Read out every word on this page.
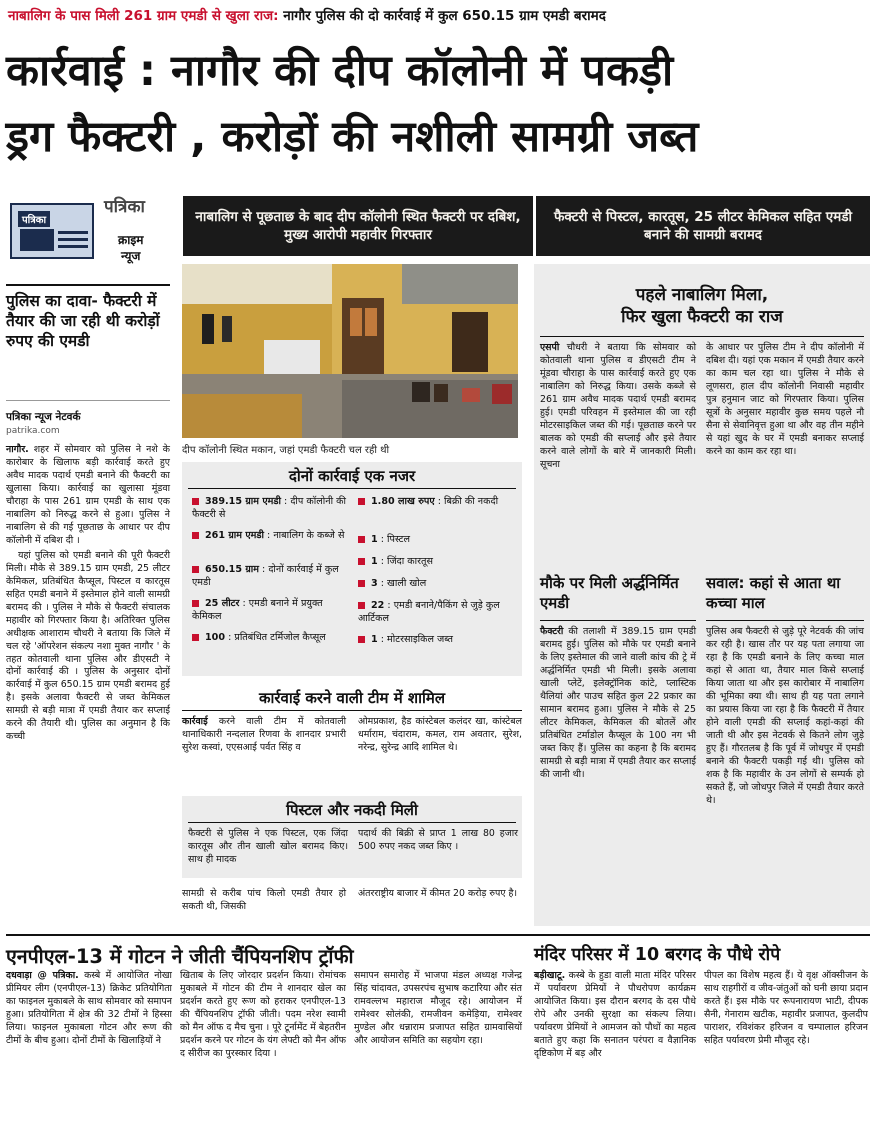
नाबालिग के पास मिली 261 ग्राम एमडी से खुला राज: नागौर पुलिस की दो कार्रवाई में कुल 650.15 ग्राम एमडी बरामद
कार्रवाई : नागौर की दीप कॉलोनी में पकड़ी
ड्रग फैक्टरी , करोड़ों की नशीली सामग्री जब्त
पत्रिका
पत्रिका
क्राइम
न्यूज
नाबालिग से पूछताछ के बाद दीप कॉलोनी स्थित फैक्टरी पर दबिश, मुख्य आरोपी महावीर गिरफ्तार
फैक्टरी से पिस्टल, कारतूस, 25 लीटर केमिकल सहित एमडी बनाने की सामग्री बरामद
पुलिस का दावा- फैक्टरी में तैयार की जा रही थी करोड़ों रुपए की एमडी
पत्रिका न्यूज नेटवर्क
patrika.com
नागौर. शहर में सोमवार को पुलिस ने नशे के कारोबार के खिलाफ बड़ी कार्रवाई करते हुए अवैध मादक पदार्थ एमडी बनाने की फैक्टरी का खुलासा किया। कार्रवाई का खुलासा मूंडवा चौराहा के पास 261 ग्राम एमडी के साथ एक नाबालिग को निरुद्ध करने से हुआ। पुलिस ने नाबालिग से की गई पूछताछ के आधार पर दीप कॉलोनी में दबिश दी ।
यहां पुलिस को एमडी बनाने की पूरी फैक्टरी मिली। मौके से 389.15 ग्राम एमडी, 25 लीटर केमिकल, प्रतिबंधित कैप्सूल, पिस्टल व कारतूस सहित एमडी बनाने में इस्तेमाल होने वाली सामग्री बरामद की । पुलिस ने मौके से फैक्टरी संचालक महावीर को गिरफ्तार किया है। अतिरिक्त पुलिस अधीक्षक आशाराम चौधरी ने बताया कि जिले में चल रहे 'ऑपरेशन संकल्प नशा मुक्त नागौर ' के तहत कोतवाली थाना पुलिस और डीएसटी ने दोनों कार्रवाई की । पुलिस के अनुसार दोनों कार्रवाई में कुल 650.15 ग्राम एमडी बरामद हुई है। इसके अलावा फैक्टरी से जब्त केमिकल सामग्री से बड़ी मात्रा में एमडी तैयार कर सप्लाई करने की तैयारी थी। पुलिस का अनुमान है कि कच्ची
दीप कॉलोनी स्थित मकान, जहां एमडी फैक्टरी चल रही थी
दोनों कार्रवाई एक नजर
389.15 ग्राम एमडी : दीप कॉलोनी की फैक्टरी से
261 ग्राम एमडी : नाबालिग के कब्जे से
650.15 ग्राम : दोनों कार्रवाई में कुल एमडी
25 लीटर : एमडी बनाने में प्रयुक्त केमिकल
100 : प्रतिबंधित टर्मिजोल कैप्सूल
1.80 लाख रुपए : बिक्री की नकदी
1 : पिस्टल
1 : जिंदा कारतूस
3 : खाली खोल
22 : एमडी बनाने/पैकिंग से जुड़े कुल आर्टिकल
1 : मोटरसाइकिल जब्त
कार्रवाई करने वाली टीम में शामिल
कार्रवाई करने वाली टीम में कोतवाली थानाधिकारी नन्दलाल रिणवा के शानदार प्रभारी सुरेश कस्वां, एएसआई पर्वत सिंह व
ओमप्रकाश, हैड कांस्टेबल कलंदर खा, कांस्टेबल धर्माराम, चंदाराम, कमल, राम अवतार, सुरेश, नरेन्द्र, सुरेन्द्र आदि शामिल थे।
पिस्टल और नकदी मिली
फैक्टरी से पुलिस ने एक पिस्टल, एक जिंदा कारतूस और तीन खाली खोल बरामद किए। साथ ही मादक
पदार्थ की बिक्री से प्राप्त 1 लाख 80 हजार 500 रुपए नकद जब्त किए ।
सामग्री से करीब पांच किलो एमडी तैयार हो सकती थी, जिसकी
अंतरराष्ट्रीय बाजार में कीमत 20 करोड़ रुपए है।
पहले नाबालिग मिला,
फिर खुला फैक्टरी का राज
एसपी चौधरी ने बताया कि सोमवार को कोतवाली थाना पुलिस व डीएसटी टीम ने मूंडवा चौराहा के पास कार्रवाई करते हुए एक नाबालिग को निरुद्ध किया। उसके कब्जे से 261 ग्राम अवैध मादक पदार्थ एमडी बरामद हुई। एमडी परिवहन में इस्तेमाल की जा रही मोटरसाइकिल जब्त की गई। पूछताछ करने पर बालक को एमडी की सप्लाई और इसे तैयार करने वाले लोगों के बारे में जानकारी मिली। सूचना
के आधार पर पुलिस टीम ने दीप कॉलोनी में दबिश दी। यहां एक मकान में एमडी तैयार करने का काम चल रहा था। पुलिस ने मौके से लूणसरा, हाल दीप कॉलोनी निवासी महावीर पुत्र हनुमान जाट को गिरफ्तार किया। पुलिस सूत्रों के अनुसार महावीर कुछ समय पहले नौ सैना से सेवानिवृत्त हुआ था और वह तीन महीने से यहां खुद के घर में एमडी बनाकर सप्लाई करने का काम कर रहा था।
मौके पर मिली अर्द्धनिर्मित एमडी
फैक्टरी की तलाशी में 389.15 ग्राम एमडी बरामद हुई। पुलिस को मौके पर एमडी बनाने के लिए इस्तेमाल की जाने वाली कांच की ट्रे में अर्द्धनिर्मित एमडी भी मिली। इसके अलावा खाली प्लेटें, इलेक्ट्रॉनिक कांटे, प्लास्टिक थैलियां और पाउच सहित कुल 22 प्रकार का सामान बरामद हुआ। पुलिस ने मौके से 25 लीटर केमिकल, केमिकल की बोतलें और प्रतिबंधित टर्माडोल कैप्सूल के 100 नग भी जब्त किए हैं। पुलिस का कहना है कि बरामद सामग्री से बड़ी मात्रा में एमडी तैयार कर सप्लाई की जानी थी।
सवाल: कहां से आता था कच्चा माल
पुलिस अब फैक्टरी से जुड़े पूरे नेटवर्क की जांच कर रही है। खास तौर पर यह पता लगाया जा रहा है कि एमडी बनाने के लिए कच्चा माल कहां से आता था, तैयार माल किसे सप्लाई किया जाता था और इस कारोबार में नाबालिग की भूमिका क्या थी। साथ ही यह पता लगाने का प्रयास किया जा रहा है कि फैक्टरी में तैयार होने वाली एमडी की सप्लाई कहां-कहां की जाती थी और इस नेटवर्क से कितने लोग जुड़े हुए हैं। गौरतलब है कि पूर्व में जोधपुर में एमडी बनाने की फैक्टरी पकड़ी गई थी। पुलिस को शक है कि महावीर के उन लोगों से सम्पर्क हो सकते हैं, जो जोधपुर जिले में एमडी तैयार करते थे।
एनपीएल-13 में गोटन ने जीती चैंपियनशिप ट्रॉफी
दधवाड़ा @ पत्रिका. कस्बे में आयोजित नोखा प्रीमियर लीग (एनपीएल-13) क्रिकेट प्रतियोगिता का फाइनल मुकाबले के साथ सोमवार को समापन हुआ। प्रतियोगिता में क्षेत्र की 32 टीमों ने हिस्सा लिया। फाइनल मुकाबला गोटन और रूण की टीमों के बीच हुआ। दोनों टीमों के खिलाड़ियों ने
खिताब के लिए जोरदार प्रदर्शन किया। रोमांचक मुकाबले में गोटन की टीम ने शानदार खेल का प्रदर्शन करते हुए रूण को हराकर एनपीएल-13 की चैंपियनशिप ट्रॉफी जीती। पदम नरेश स्वामी को मैन ऑफ द मैच चुना । पूरे टूर्नामेंट में बेहतरीन प्रदर्शन करने पर गोटन के यंग लेफ्टी को मैन ऑफ द सीरीज का पुरस्कार दिया ।
समापन समारोह में भाजपा मंडल अध्यक्ष गजेन्द्र सिंह चांदावत, उपसरपंच सुभाष कटारिया और संत रामवल्लभ महाराज मौजूद रहे। आयोजन में रामेश्वर सोलंकी, रामजीवन कमेड़िया, रामेश्वर मुण्डेल और धन्नाराम प्रजापत सहित ग्रामवासियों और आयोजन समिति का सहयोग रहा।
मंदिर परिसर में 10 बरगद के पौधे रोपे
बड़ीखाटू. कस्बे के हुडा वाली माता मंदिर परिसर में पर्यावरण प्रेमियों ने पौधरोपण कार्यक्रम आयोजित किया। इस दौरान बरगद के दस पौधे रोपे और उनकी सुरक्षा का संकल्प लिया। पर्यावरण प्रेमियों ने आमजन को पौधों का महत्व बताते हुए कहा कि सनातन परंपरा व वैज्ञानिक दृष्टिकोण में बड़ और
पीपल का विशेष महत्व हैं। ये वृक्ष ऑक्सीजन के साथ राहगीरों व जीव-जंतुओं को घनी छाया प्रदान करते हैं। इस मौके पर रूपनारायण भाटी, दीपक सैनी, गेनाराम खटीक, महावीर प्रजापत, कुलदीप पाराशर, रविशंकर हरिजन व चम्पालाल हरिजन सहित पर्यावरण प्रेमी मौजूद रहे।
